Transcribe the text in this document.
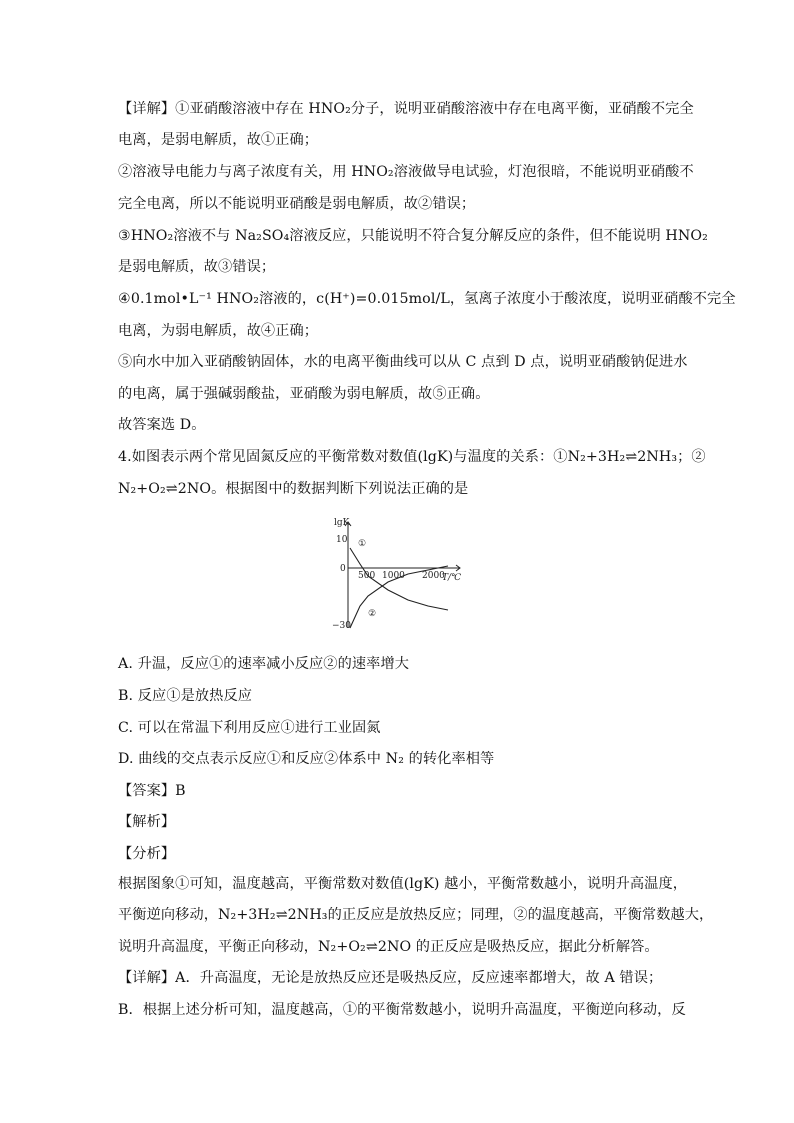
【详解】①亚硝酸溶液中存在 HNO₂分子，说明亚硝酸溶液中存在电离平衡，亚硝酸不完全
电离，是弱电解质，故①正确；
②溶液导电能力与离子浓度有关，用 HNO₂溶液做导电试验，灯泡很暗，不能说明亚硝酸不
完全电离，所以不能说明亚硝酸是弱电解质，故②错误；
③HNO₂溶液不与 Na₂SO₄溶液反应，只能说明不符合复分解反应的条件，但不能说明 HNO₂
是弱电解质，故③错误；
④0.1mol•L⁻¹ HNO₂溶液的，c(H⁺)=0.015mol/L，氢离子浓度小于酸浓度，说明亚硝酸不完全
电离，为弱电解质，故④正确；
⑤向水中加入亚硝酸钠固体，水的电离平衡曲线可以从 C 点到 D 点，说明亚硝酸钠促进水
的电离，属于强碱弱酸盐，亚硝酸为弱电解质，故⑤正确。
故答案选 D。
4.如图表示两个常见固氮反应的平衡常数对数值(lgK)与温度的关系：①N₂+3H₂⇌2NH₃；②
N₂+O₂⇌2NO。根据图中的数据判断下列说法正确的是
A. 升温，反应①的速率减小反应②的速率增大
B. 反应①是放热反应
C. 可以在常温下利用反应①进行工业固氮
D. 曲线的交点表示反应①和反应②体系中 N₂ 的转化率相等
【答案】B
【解析】
【分析】
根据图象①可知，温度越高，平衡常数对数值(lgK) 越小，平衡常数越小，说明升高温度，
平衡逆向移动，N₂+3H₂⇌2NH₃的正反应是放热反应；同理，②的温度越高，平衡常数越大，
说明升高温度，平衡正向移动，N₂+O₂⇌2NO 的正反应是吸热反应，据此分析解答。
【详解】A．升高温度，无论是放热反应还是吸热反应，反应速率都增大，故 A 错误；
B．根据上述分析可知，温度越高，①的平衡常数越小，说明升高温度，平衡逆向移动，反
lgK
T/℃
10
0
−30
500 1000 2000
①
②
